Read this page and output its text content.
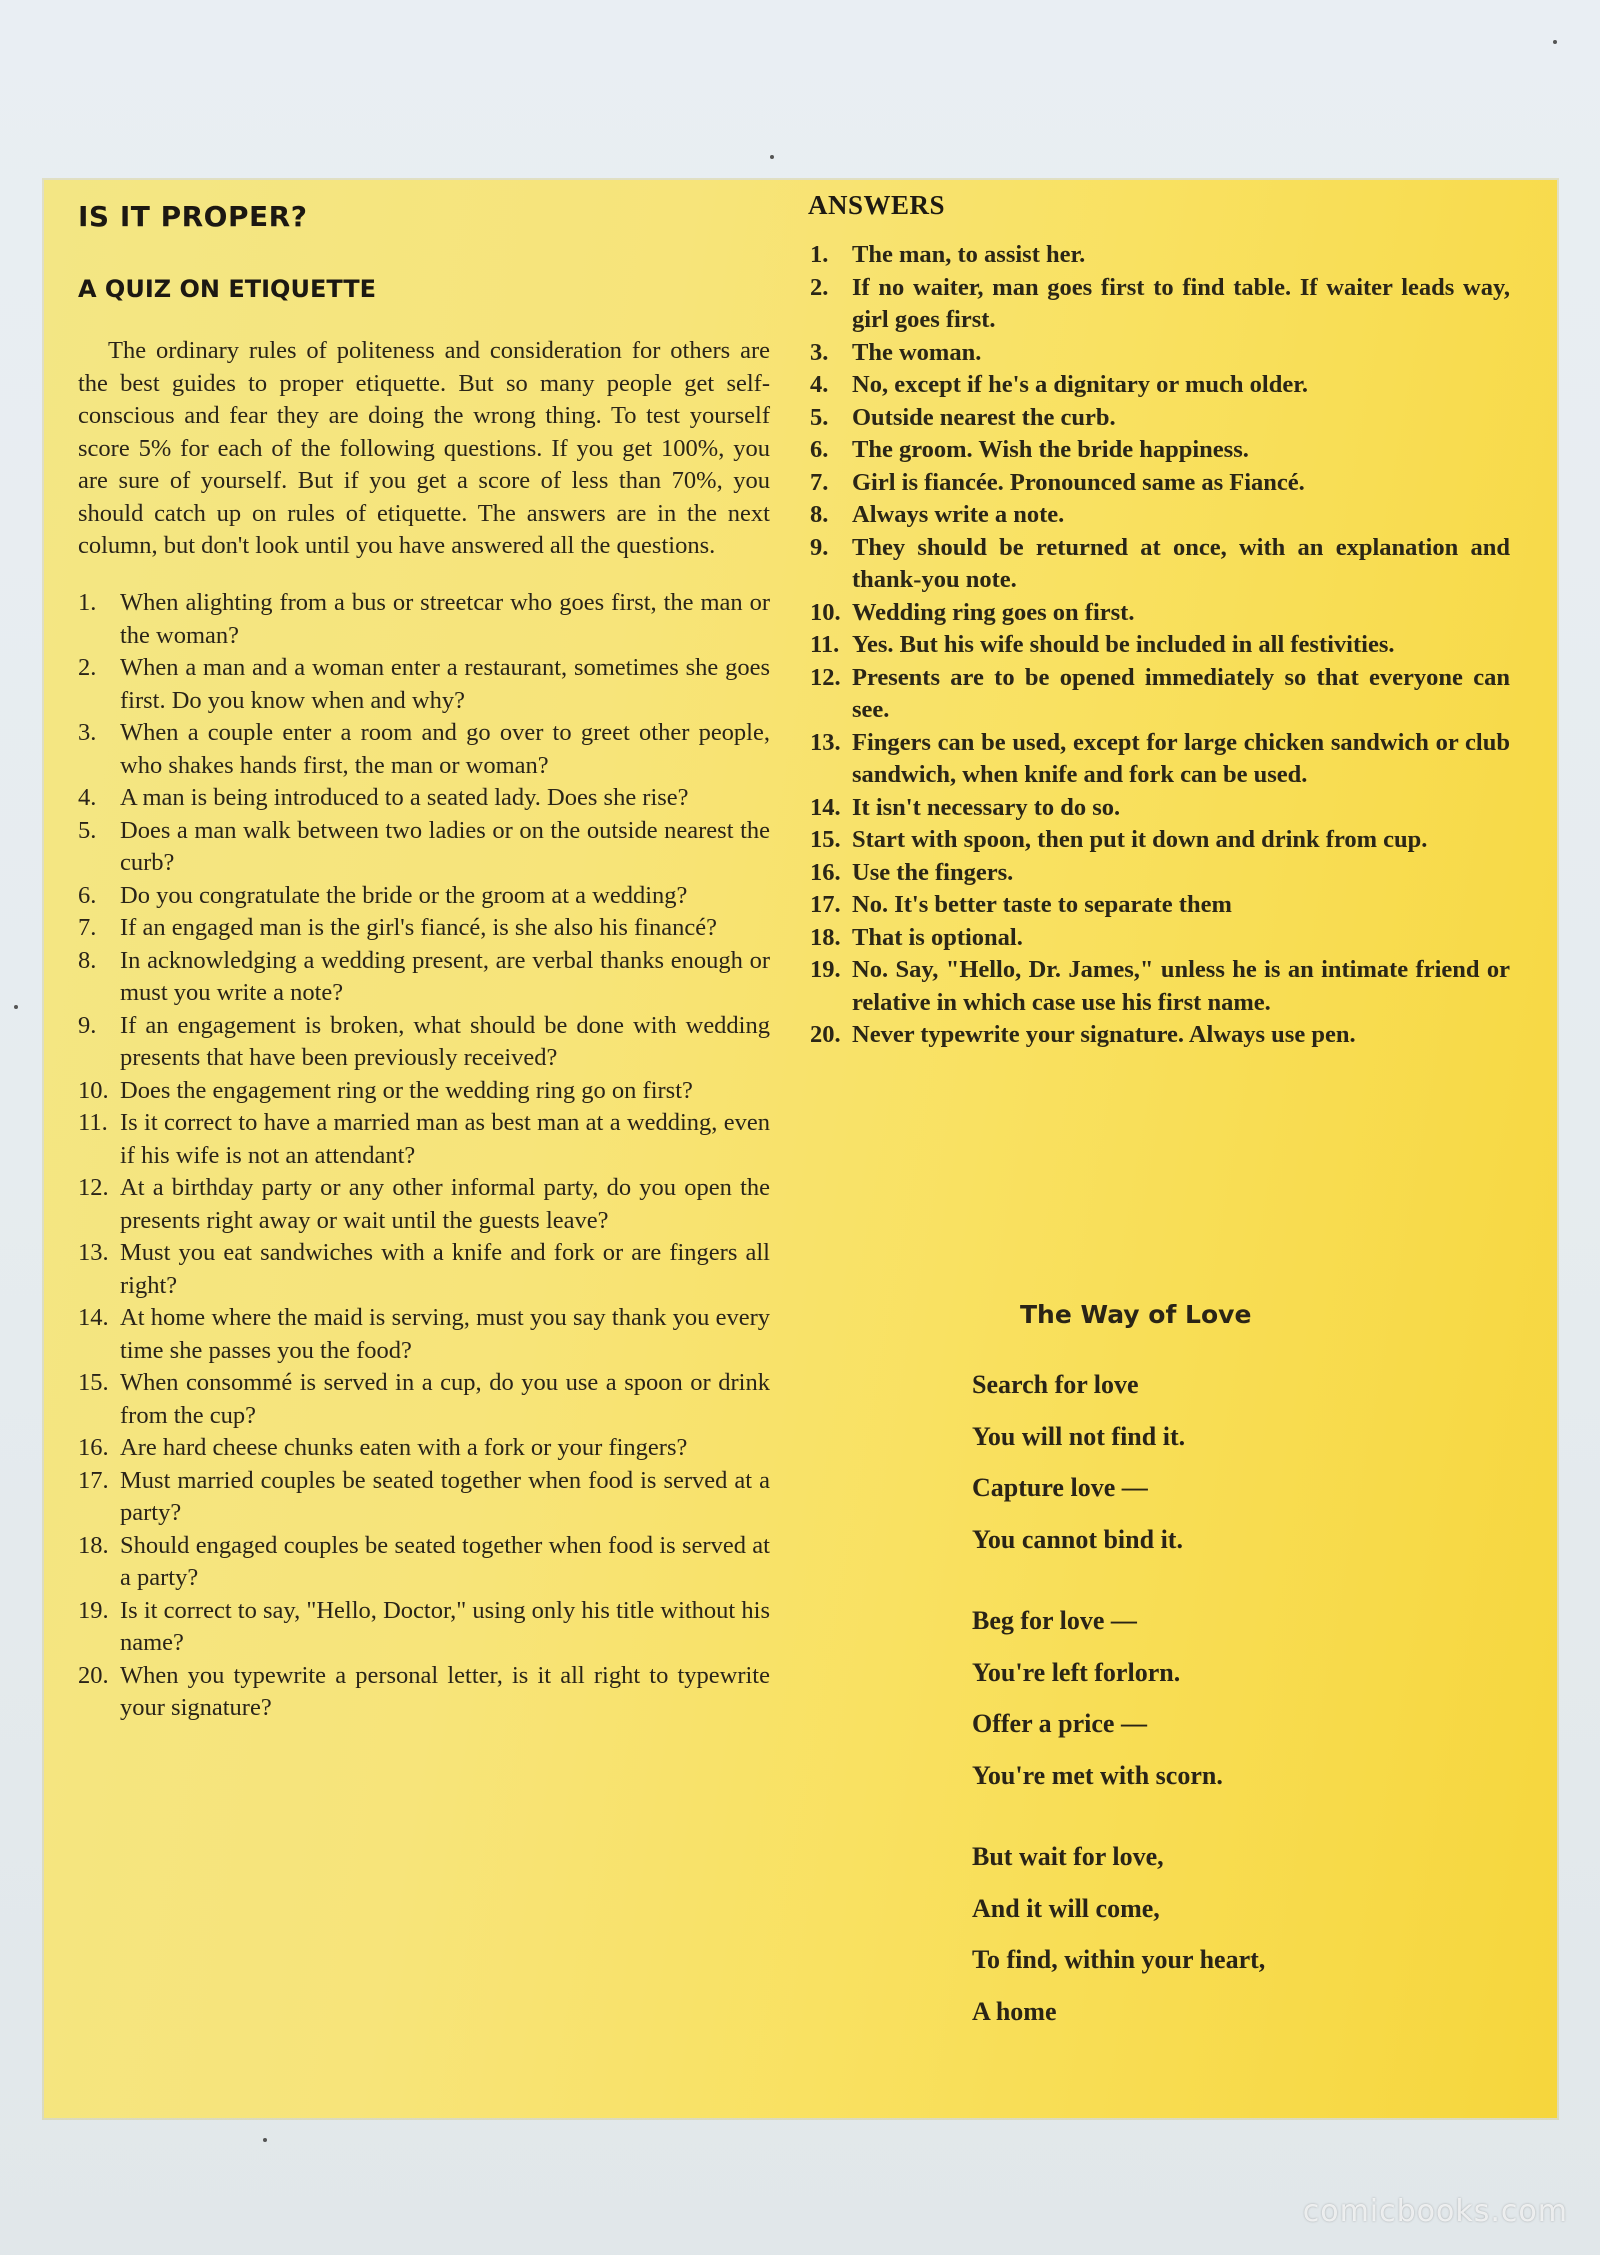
IS IT PROPER?
A QUIZ ON ETIQUETTE

The ordinary rules of politeness and consideration for others are the best guides to proper etiquette. But so many people get self-conscious and fear they are doing the wrong thing. To test yourself score 5% for each of the following questions. If you get 100%, you are sure of yourself. But if you get a score of less than 70%, you should catch up on rules of etiquette. The answers are in the next column, but don't look until you have answered all the questions.

1. When alighting from a bus or streetcar who goes first, the man or the woman?
2. When a man and a woman enter a restaurant, sometimes she goes first. Do you know when and why?
3. When a couple enter a room and go over to greet other people, who shakes hands first, the man or woman?
4. A man is being introduced to a seated lady. Does she rise?
5. Does a man walk between two ladies or on the outside nearest the curb?
6. Do you congratulate the bride or the groom at a wedding?
7. If an engaged man is the girl's fiancé, is she also his financé?
8. In acknowledging a wedding present, are verbal thanks enough or must you write a note?
9. If an engagement is broken, what should be done with wedding presents that have been previously received?
10. Does the engagement ring or the wedding ring go on first?
11. Is it correct to have a married man as best man at a wedding, even if his wife is not an attendant?
12. At a birthday party or any other informal party, do you open the presents right away or wait until the guests leave?
13. Must you eat sandwiches with a knife and fork or are fingers all right?
14. At home where the maid is serving, must you say thank you every time she passes you the food?
15. When consommé is served in a cup, do you use a spoon or drink from the cup?
16. Are hard cheese chunks eaten with a fork or your fingers?
17. Must married couples be seated together when food is served at a party?
18. Should engaged couples be seated together when food is served at a party?
19. Is it correct to say, "Hello, Doctor," using only his title without his name?
20. When you typewrite a personal letter, is it all right to typewrite your signature?
ANSWERS
1. The man, to assist her.
2. If no waiter, man goes first to find table. If waiter leads way, girl goes first.
3. The woman.
4. No, except if he's a dignitary or much older.
5. Outside nearest the curb.
6. The groom. Wish the bride happiness.
7. Girl is fiancée. Pronounced same as Fiancé.
8. Always write a note.
9. They should be returned at once, with an explanation and thank-you note.
10. Wedding ring goes on first.
11. Yes. But his wife should be included in all festivities.
12. Presents are to be opened immediately so that everyone can see.
13. Fingers can be used, except for large chicken sandwich or club sandwich, when knife and fork can be used.
14. It isn't necessary to do so.
15. Start with spoon, then put it down and drink from cup.
16. Use the fingers.
17. No. It's better taste to separate them
18. That is optional.
19. No. Say, "Hello, Dr. James," unless he is an intimate friend or relative in which case use his first name.
20. Never typewrite your signature. Always use pen.
The Way of Love
Search for love
You will not find it.
Capture love —
You cannot bind it.
Beg for love —
You're left forlorn.
Offer a price —
You're met with scorn.
But wait for love,
And it will come,
To find, within your heart,
A home
comicbooks.com
